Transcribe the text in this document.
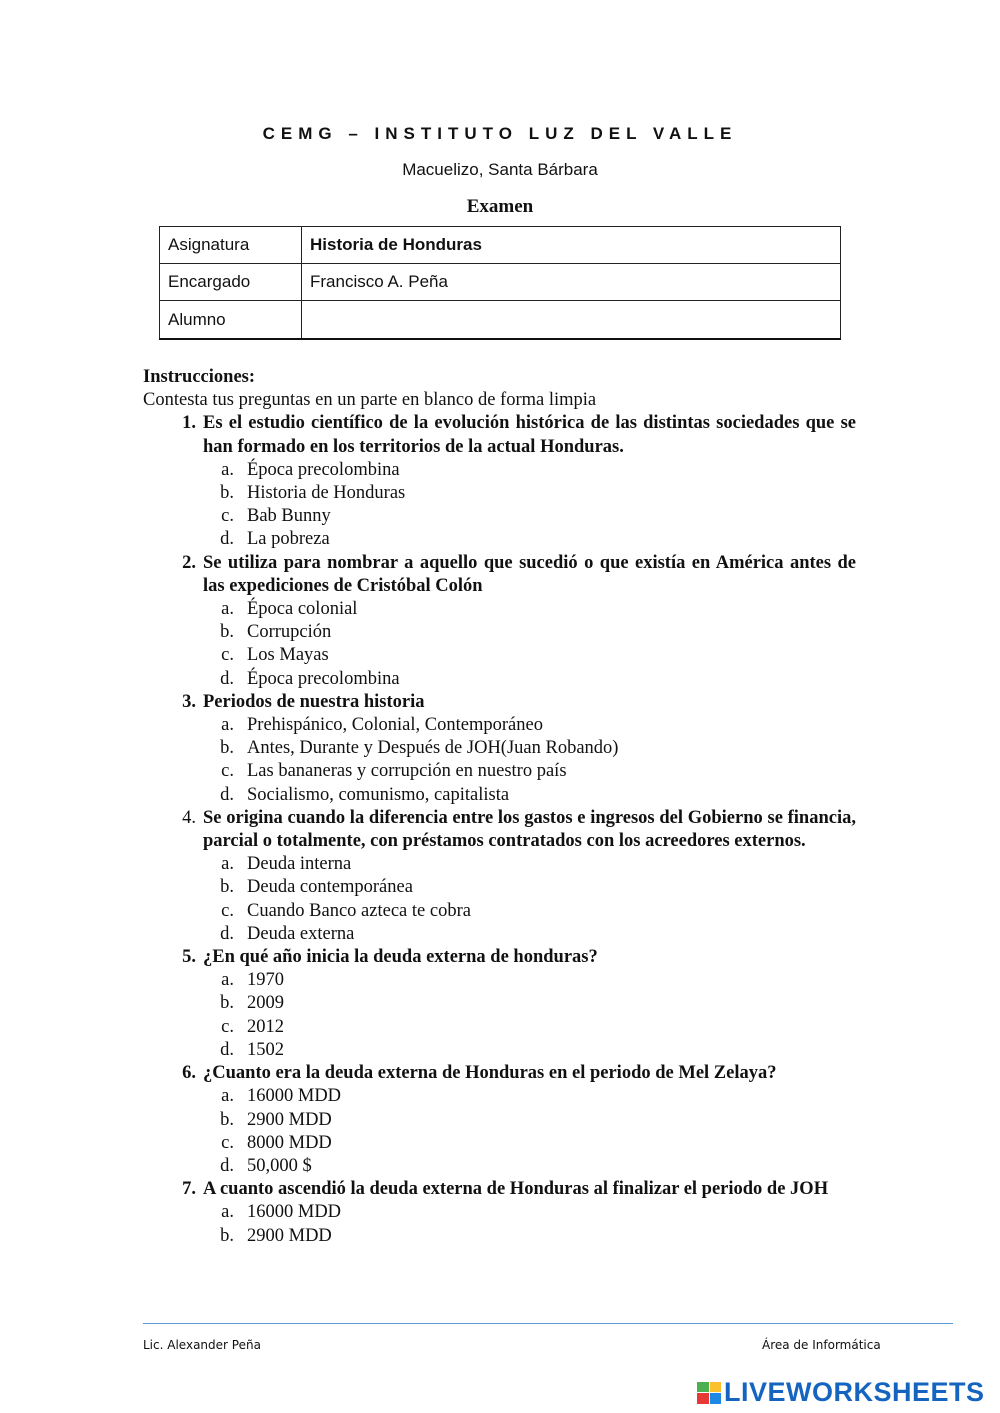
CEMG – INSTITUTO LUZ DEL VALLE
Macuelizo, Santa Bárbara
Examen
Asignatura	Historia de Honduras
Encargado	Francisco A. Peña
Alumno	
Instrucciones:
Contesta tus preguntas en un parte en blanco de forma limpia
1. Es el estudio científico de la evolución histórica de las distintas sociedades que se han formado en los territorios de la actual Honduras.
a. Época precolombina
b. Historia de Honduras
c. Bab Bunny
d. La pobreza
2. Se utiliza para nombrar a aquello que sucedió o que existía en América antes de las expediciones de Cristóbal Colón
a. Época colonial
b. Corrupción
c. Los Mayas
d. Época precolombina
3. Periodos de nuestra historia
a. Prehispánico, Colonial, Contemporáneo
b. Antes, Durante y Después de JOH(Juan Robando)
c. Las bananeras y corrupción en nuestro país
d. Socialismo, comunismo, capitalista
4. Se origina cuando la diferencia entre los gastos e ingresos del Gobierno se financia, parcial o totalmente, con préstamos contratados con los acreedores externos.
a. Deuda interna
b. Deuda contemporánea
c. Cuando Banco azteca te cobra
d. Deuda externa
5. ¿En qué año inicia la deuda externa de honduras?
a. 1970
b. 2009
c. 2012
d. 1502
6. ¿Cuanto era la deuda externa de Honduras en el periodo de Mel Zelaya?
a. 16000 MDD
b. 2900 MDD
c. 8000 MDD
d. 50,000 $
7. A cuanto ascendió la deuda externa de Honduras al finalizar el periodo de JOH
a. 16000 MDD
b. 2900 MDD
Lic. Alexander Peña	Área de Informática
LIVEWORKSHEETS
